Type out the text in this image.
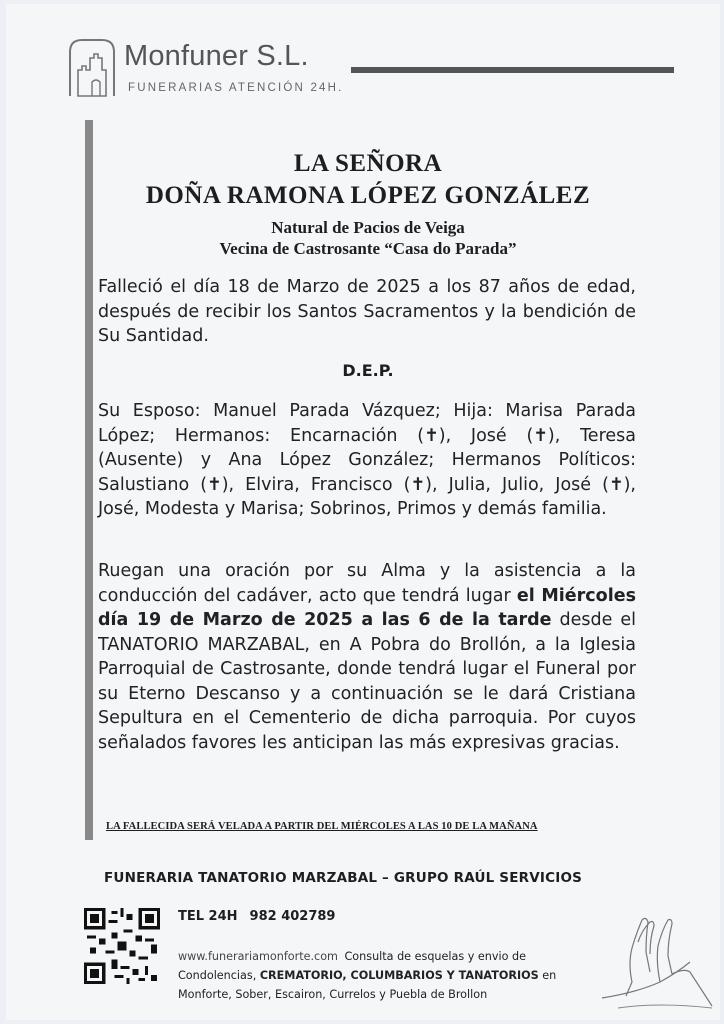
Monfuner S.L.
FUNERARIAS ATENCIÓN 24H.
LA SEÑORA
DOÑA RAMONA LÓPEZ GONZÁLEZ
Natural de Pacios de Veiga
Vecina de Castrosante “Casa do Parada”
Falleció el día 18 de Marzo de 2025 a los 87 años de edad, después de recibir los Santos Sacramentos y la bendición de Su Santidad.
D.E.P.
Su Esposo: Manuel Parada Vázquez; Hija: Marisa Parada López; Hermanos: Encarnación (✝), José (✝), Teresa (Ausente) y Ana López González; Hermanos Políticos: Salustiano (✝), Elvira, Francisco (✝), Julia, Julio, José (✝), José, Modesta y Marisa; Sobrinos, Primos y demás familia.
Ruegan una oración por su Alma y la asistencia a la conducción del cadáver, acto que tendrá lugar el Miércoles día 19 de Marzo de 2025 a las 6 de la tarde desde el TANATORIO MARZABAL, en A Pobra do Brollón, a la Iglesia Parroquial de Castrosante, donde tendrá lugar el Funeral por su Eterno Descanso y a continuación se le dará Cristiana Sepultura en el Cementerio de dicha parroquia. Por cuyos señalados favores les anticipan las más expresivas gracias.
LA FALLECIDA SERÁ VELADA A PARTIR DEL MIÉRCOLES A LAS 10 DE LA MAÑANA
FUNERARIA TANATORIO MARZABAL – GRUPO RAÚL SERVICIOS
TEL 24H 982 402789
www.funerariamonforte.com Consulta de esquelas y envio de Condolencias, CREMATORIO, COLUMBARIOS Y TANATORIOS en Monforte, Sober, Escairon, Currelos y Puebla de Brollon
